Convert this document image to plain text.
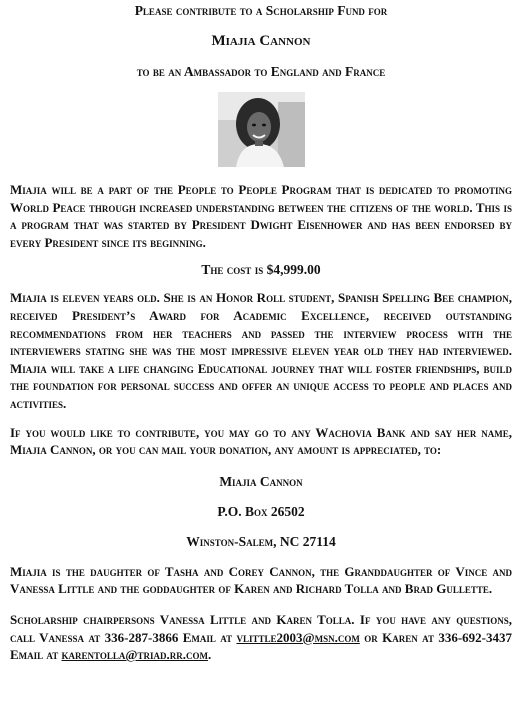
Please contribute to a Scholarship Fund for
Miajia Cannon
to be an Ambassador to England and France

Miajia will be a part of the People to People Program that is dedicated to promoting World Peace through increased understanding between the citizens of the world. This is a program that was started by President Dwight Eisenhower and has been endorsed by every President since its beginning.

The cost is $4,999.00

Miajia is eleven years old. She is an Honor Roll student, Spanish Spelling Bee champion, received President’s Award for Academic Excellence, received outstanding recommendations from her teachers and passed the interview process with the interviewers stating she was the most impressive eleven year old they had interviewed. Miajia will take a life changing Educational journey that will foster friendships, build the foundation for personal success and offer an unique access to people and places and activities.

If you would like to contribute, you may go to any Wachovia Bank and say her name, Miajia Cannon, or you can mail your donation, any amount is appreciated, to:

Miajia Cannon
P.O. Box 26502
Winston-Salem, NC 27114

Miajia is the daughter of Tasha and Corey Cannon, the Granddaughter of Vince and Vanessa Little and the goddaughter of Karen and Richard Tolla and Brad Gullette.

Scholarship chairpersons Vanessa Little and Karen Tolla. If you have any questions, call Vanessa at 336-287-3866 Email at vlittle2003@msn.com or Karen at 336-692-3437 Email at karentolla@triad.rr.com.
